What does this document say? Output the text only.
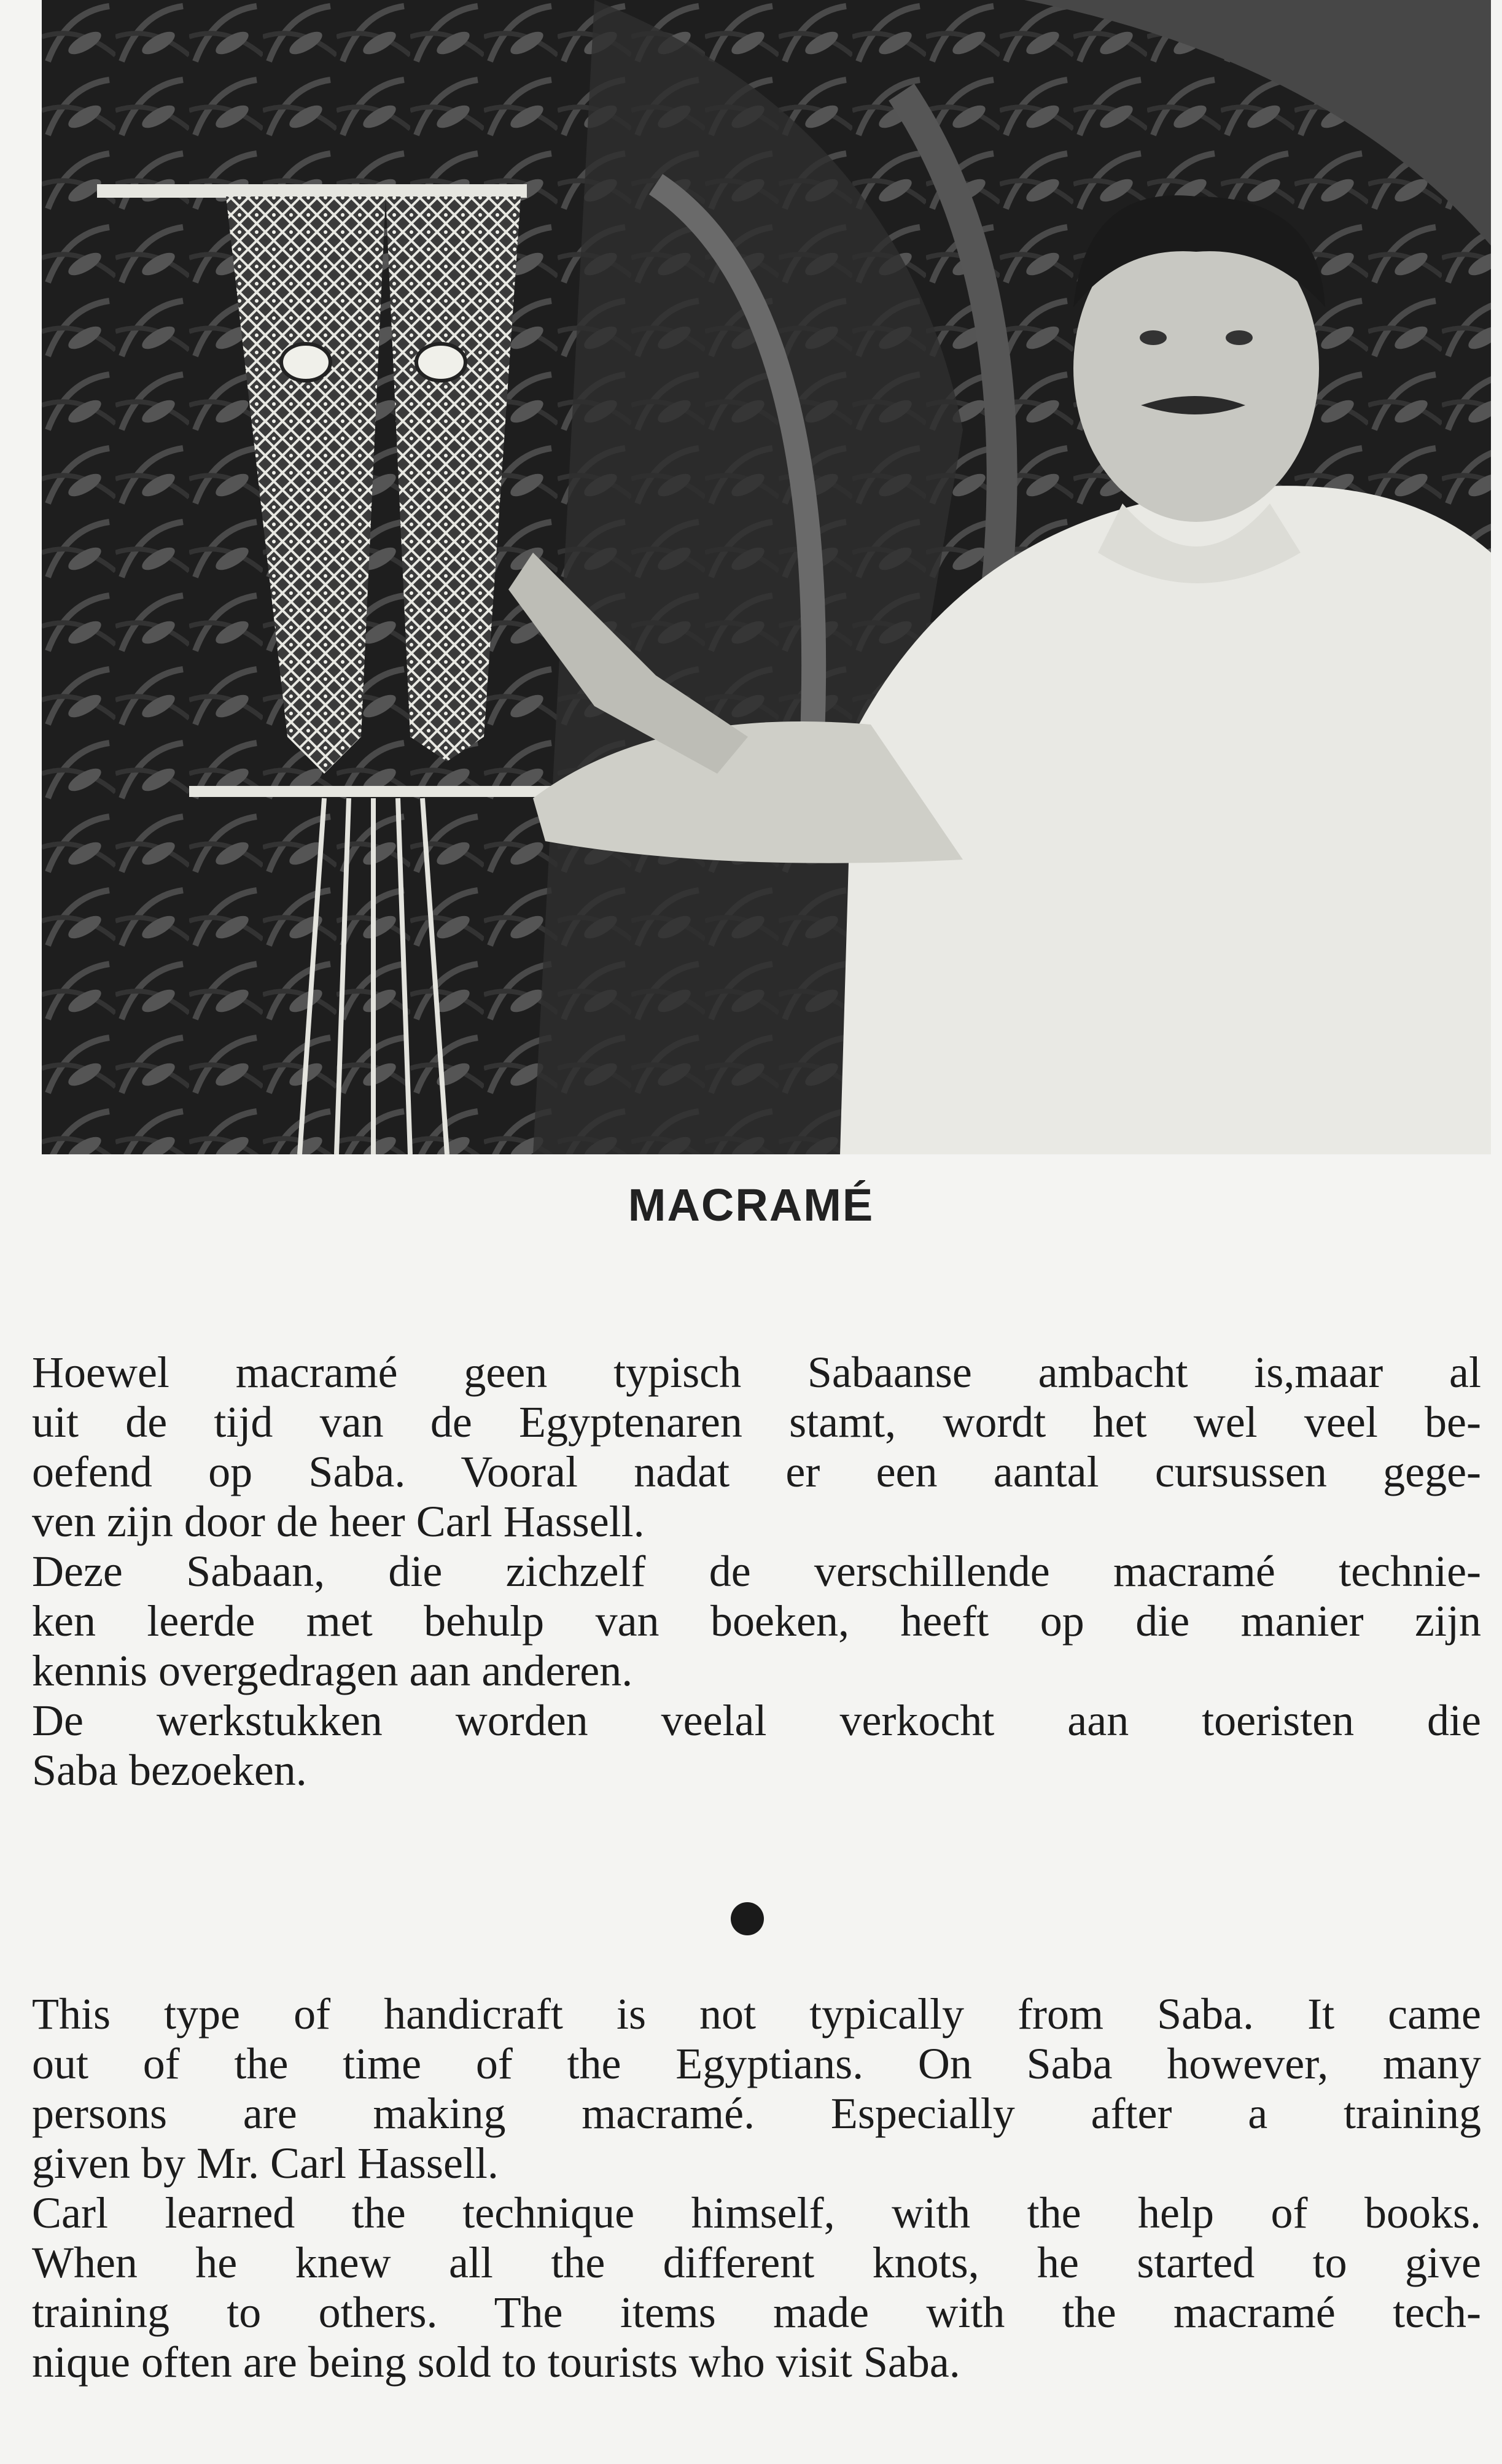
MACRAMÉ
Hoewel macramé geen typisch Sabaanse ambacht is,maar al
uit de tijd van de Egyptenaren stamt, wordt het wel veel be-
oefend op Saba. Vooral nadat er een aantal cursussen gege-
ven zijn door de heer Carl Hassell.
Deze Sabaan, die zichzelf de verschillende macramé technie-
ken leerde met behulp van boeken, heeft op die manier zijn
kennis overgedragen aan anderen.
De werkstukken worden veelal verkocht aan toeristen die
Saba bezoeken.
This type of handicraft is not typically from Saba. It came
out of the time of the Egyptians. On Saba however, many
persons are making macramé. Especially after a training
given by Mr. Carl Hassell.
Carl learned the technique himself, with the help of books.
When he knew all the different knots, he started to give
training to others. The items made with the macramé tech-
nique often are being sold to tourists who visit Saba.
